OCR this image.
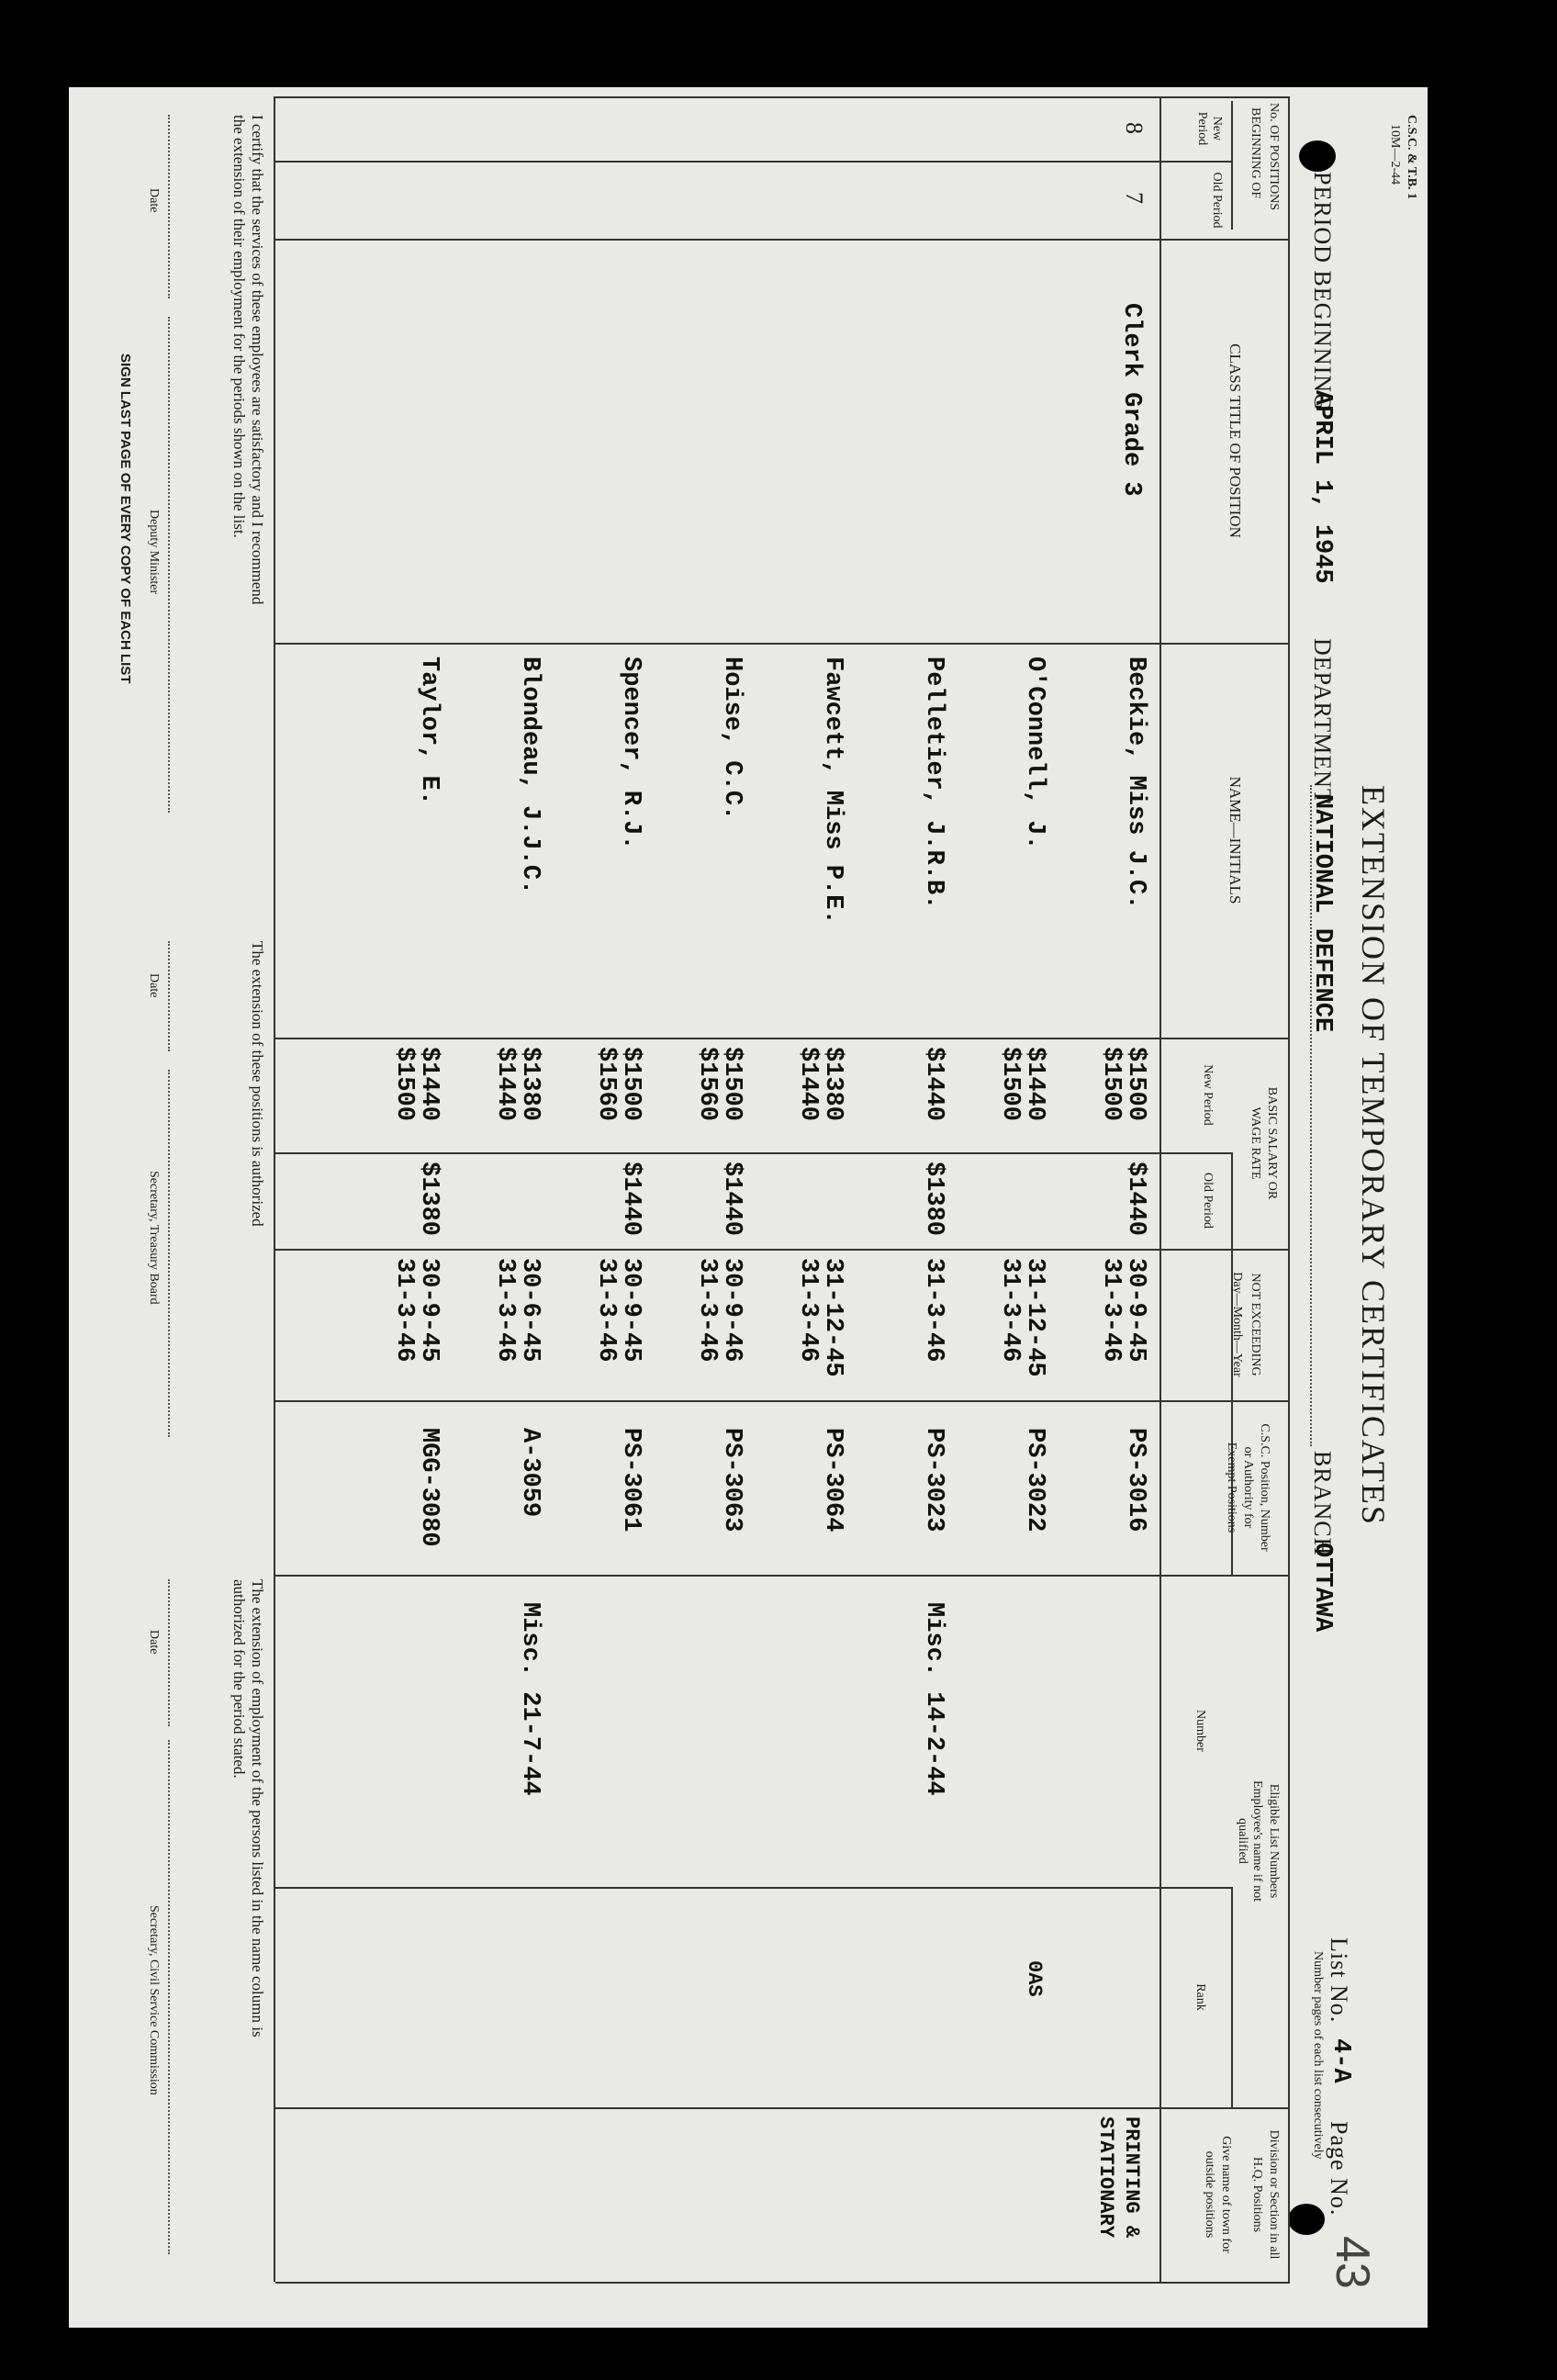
C.S.C. & T.B. 1
10M—2-44
EXTENSION OF TEMPORARY CERTIFICATES
PERIOD BEGINNING
APRIL 1, 1945
DEPARTMENT
NATIONAL DEFENCE
BRANCH
OTTAWA
List No.
4-A
Page No.
43
Number pages of each list consecutively
No. OF POSITIONS
BEGINNING OF
New Period
Old Period
CLASS TITLE OF POSITION
NAME—INITIALS
BASIC SALARY OR
WAGE RATE
New Period
Old Period
NOT EXCEEDING
Day—Month—Year
C.S.C. Position, Number
or Authority for
Exempt Positions
Eligible List Numbers
Employee's name if not
qualified
Number
Rank
Division or Section in all
H.Q. Positions
Give name of town for
outside positions
8
7
Clerk Grade 3
PRINTING &
STATIONARY
Beckie, Miss J.C.
$1500
$1500
$1440
30-9-45
31-3-46
PS-3016
O'Connell, J.
$1440
$1500
31-12-45
31-3-46
PS-3022
0AS
Pelletier, J.R.B.
$1440
$1380
31-3-46
PS-3023
Misc. 14-2-44
Fawcett, Miss P.E.
$1380
$1440
31-12-45
31-3-46
PS-3064
Hoise, C.C.
$1500
$1560
$1440
30-9-46
31-3-46
PS-3063
Spencer, R.J.
$1500
$1560
$1440
30-9-45
31-3-46
PS-3061
Blondeau, J.J.C.
$1380
$1440
30-6-45
31-3-46
A-3059
Misc. 21-7-44
Taylor, E.
$1440
$1500
$1380
30-9-45
31-3-46
MGG-3080
I certify that the services of these employees are satisfactory and I recommend
the extension of their employment for the periods shown on the list.
Date
Deputy Minister
The extension of these positions is authorized
Date
Secretary, Treasury Board
The extension of employment of the persons listed in the name column is
authorized for the period stated.
Date
Secretary, Civil Service Commission
SIGN LAST PAGE OF EVERY COPY OF EACH LIST
